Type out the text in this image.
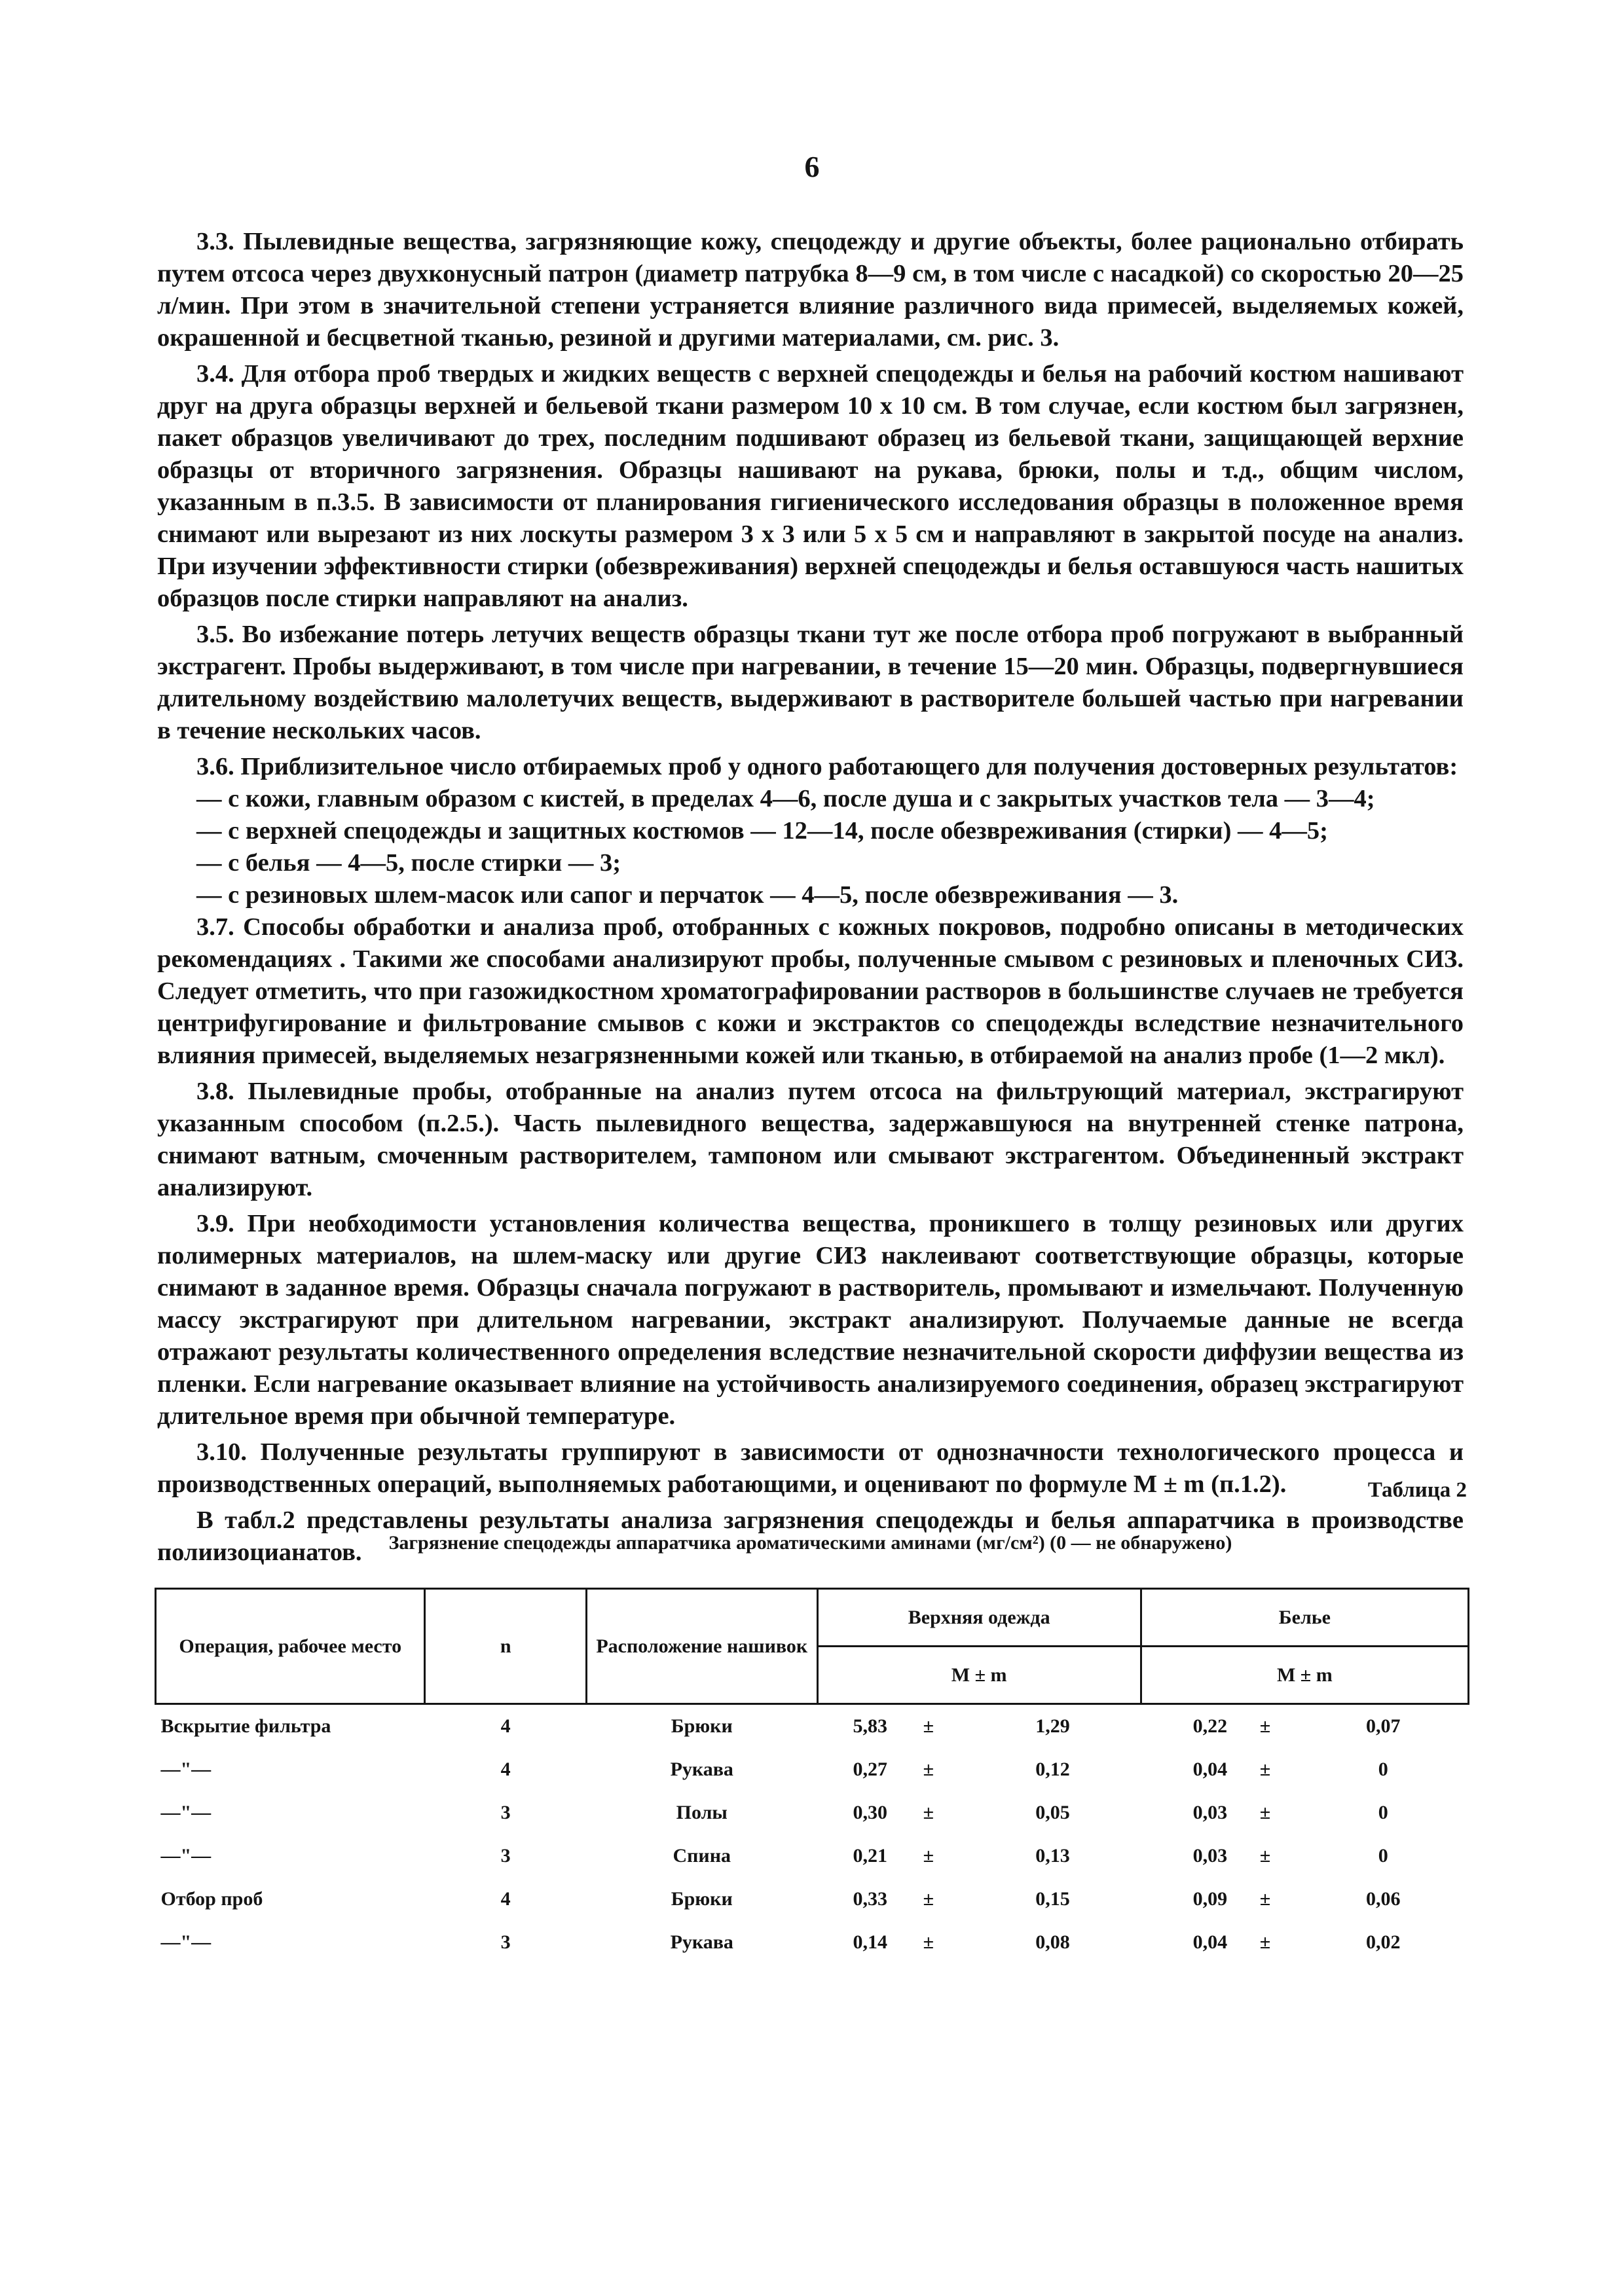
6

3.3. Пылевидные вещества, загрязняющие кожу, спецодежду и другие объекты, более рационально отбирать путем отсоса через двухконусный патрон (диаметр патрубка 8—9 см, в том числе с насадкой) со скоростью 20—25 л/мин. При этом в значительной степени устраняется влияние различного вида примесей, выделяемых кожей, окрашенной и бесцветной тканью, резиной и другими материалами, см. рис. 3.

3.4. Для отбора проб твердых и жидких веществ с верхней спецодежды и белья на рабочий костюм нашивают друг на друга образцы верхней и бельевой ткани размером 10 х 10 см. В том случае, если костюм был загрязнен, пакет образцов увеличивают до трех, последним подшивают образец из бельевой ткани, защищающей верхние образцы от вторичного загрязнения. Образцы нашивают на рукава, брюки, полы и т.д., общим числом, указанным в п.3.5. В зависимости от планирования гигиенического исследования образцы в положенное время снимают или вырезают из них лоскуты размером 3 х 3 или 5 х 5 см и направляют в закрытой посуде на анализ. При изучении эффективности стирки (обезвреживания) верхней спецодежды и белья оставшуюся часть нашитых образцов после стирки направляют на анализ.

3.5. Во избежание потерь летучих веществ образцы ткани тут же после отбора проб погружают в выбранный экстрагент. Пробы выдерживают, в том числе при нагревании, в течение 15—20 мин. Образцы, подвергнувшиеся длительному воздействию малолетучих веществ, выдерживают в растворителе большей частью при нагревании в течение нескольких часов.

3.6. Приблизительное число отбираемых проб у одного работающего для получения достоверных результатов:

— с кожи, главным образом с кистей, в пределах 4—6, после душа и с закрытых участков тела — 3—4;

— с верхней спецодежды и защитных костюмов — 12—14, после обезвреживания (стирки) — 4—5;

— с белья — 4—5, после стирки — 3;

— с резиновых шлем-масок или сапог и перчаток — 4—5, после обезвреживания — 3.

3.7. Способы обработки и анализа проб, отобранных с кожных покровов, подробно описаны в методических рекомендациях . Такими же способами анализируют пробы, полученные смывом с резиновых и пленочных СИЗ. Следует отметить, что при газожидкостном хроматографировании растворов в большинстве случаев не требуется центрифугирование и фильтрование смывов с кожи и экстрактов со спецодежды вследствие незначительного влияния примесей, выделяемых незагрязненными кожей или тканью, в отбираемой на анализ пробе (1—2 мкл).

3.8. Пылевидные пробы, отобранные на анализ путем отсоса на фильтрующий материал, экстрагируют указанным способом (п.2.5.). Часть пылевидного вещества, задержавшуюся на внутренней стенке патрона, снимают ватным, смоченным растворителем, тампоном или смывают экстрагентом. Объединенный экстракт анализируют.

3.9. При необходимости установления количества вещества, проникшего в толщу резиновых или других полимерных материалов, на шлем-маску или другие СИЗ наклеивают соответствующие образцы, которые снимают в заданное время. Образцы сначала погружают в растворитель, промывают и измельчают. Полученную массу экстрагируют при длительном нагревании, экстракт анализируют. Получаемые данные не всегда отражают результаты количественного определения вследствие незначительной скорости диффузии вещества из пленки. Если нагревание оказывает влияние на устойчивость анализируемого соединения, образец экстрагируют длительное время при обычной температуре.

3.10. Полученные результаты группируют в зависимости от однозначности технологического процесса и производственных операций, выполняемых работающими, и оценивают по формуле М ± m (п.1.2).

В табл.2 представлены результаты анализа загрязнения спецодежды и белья аппаратчика в производстве полиизоцианатов.

Таблица 2
Загрязнение спецодежды аппаратчика ароматическими аминами (мг/см²) (0 — не обнаружено)
Операция, рабочее место	n	Расположение нашивок	Верхняя одежда			Белье		
			М ± m			М ± m		
Вскрытие фильтра	4	Брюки	5,83	±	1,29	0,22	±	0,07
—"—	4	Рукава	0,27	±	0,12	0,04	±	0
—"—	3	Полы	0,30	±	0,05	0,03	±	0
—"—	3	Спина	0,21	±	0,13	0,03	±	0
Отбор проб	4	Брюки	0,33	±	0,15	0,09	±	0,06
—"—	3	Рукава	0,14	±	0,08	0,04	±	0,02
